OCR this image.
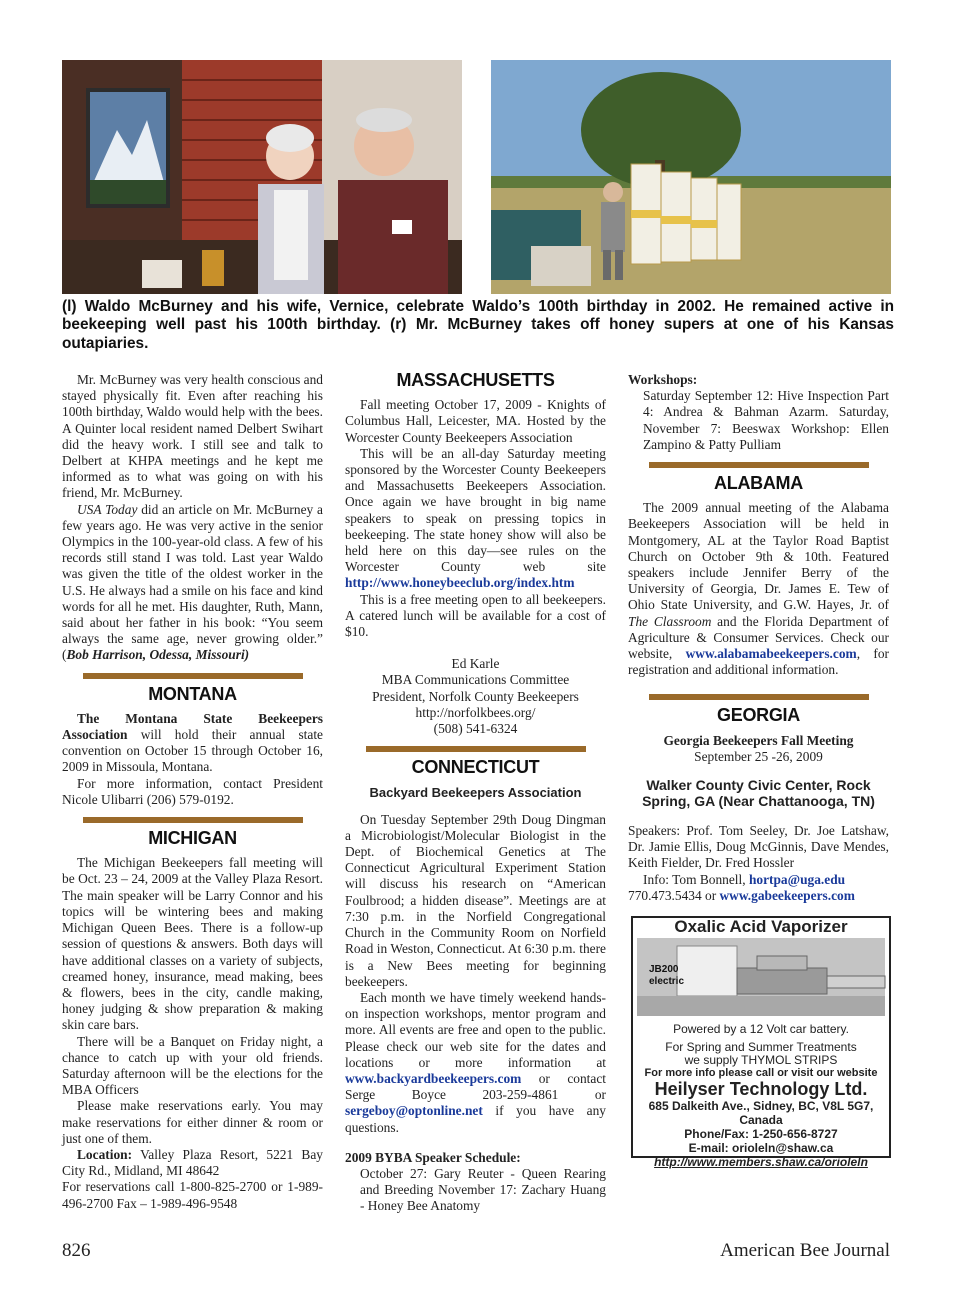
(l) Waldo McBurney and his wife, Vernice, celebrate Waldo’s 100th birthday in 2002. He remained active in beekeeping well past his 100th birthday. (r) Mr. McBurney takes off honey supers at one of his Kansas outapiaries.

Mr. McBurney was very health conscious and stayed physically fit. Even after reaching his 100th birthday, Waldo would help with the bees. A Quinter local resident named Delbert Swihart did the heavy work. I still see and talk to Delbert at KHPA meetings and he kept me informed as to what was going on with his friend, Mr. McBurney.

USA Today did an article on Mr. McBurney a few years ago. He was very active in the senior Olympics in the 100-year-old class. A few of his records still stand I was told. Last year Waldo was given the title of the oldest worker in the U.S. He always had a smile on his face and kind words for all he met. His daughter, Ruth, Mann, said about her father in his book: “You seem always the same age, never growing older.” (Bob Harrison, Odessa, Missouri)

MONTANA

The Montana State Beekeepers Association will hold their annual state convention on October 15 through October 16, 2009 in Missoula, Montana.

For more information, contact President Nicole Ulibarri (206) 579-0192.

MICHIGAN

The Michigan Beekeepers fall meeting will be Oct. 23 – 24, 2009 at the Valley Plaza Resort. The main speaker will be Larry Connor and his topics will be wintering bees and making Michigan Queen Bees. There is a follow-up session of questions & answers. Both days will have additional classes on a variety of subjects, creamed honey, insurance, mead making, bees & flowers, bees in the city, candle making, honey judging & show preparation & making skin care bars.

There will be a Banquet on Friday night, a chance to catch up with your old friends. Saturday afternoon will be the elections for the MBA Officers

Please make reservations early. You may make reservations for either dinner & room or just one of them.

Location: Valley Plaza Resort, 5221 Bay City Rd., Midland, MI 48642

For reservations call 1-800-825-2700 or 1-989-496-2700 Fax – 1-989-496-9548

MASSACHUSETTS

Fall meeting October 17, 2009 - Knights of Columbus Hall, Leicester, MA. Hosted by the Worcester County Beekeepers Association

This will be an all-day Saturday meeting sponsored by the Worcester County Beekeepers and Massachusetts Beekeepers Association. Once again we have brought in big name speakers to speak on pressing topics in beekeeping. The state honey show will also be held here on this day—see rules on the Worcester County web site http://www.honeybeeclub.org/index.htm

This is a free meeting open to all beekeepers. A catered lunch will be available for a cost of $10.

Ed Karle

MBA Communications Committee

President, Norfolk County Beekeepers

http://norfolkbees.org/

(508) 541-6324

CONNECTICUT
Backyard Beekeepers Association

On Tuesday September 29th Doug Dingman a Microbiologist/Molecular Biologist in the Dept. of Biochemical Genetics at The Connecticut Agricultural Experiment Station will discuss his research on “American Foulbrood; a hidden disease”. Meetings are at 7:30 p.m. in the Norfield Congregational Church in the Community Room on Norfield Road in Weston, Connecticut. At 6:30 p.m. there is a New Bees meeting for beginning beekeepers.

Each month we have timely weekend hands-on inspection workshops, mentor program and more. All events are free and open to the public. Please check our web site for the dates and locations or more information at www.backyardbeekeepers.com or contact Serge Boyce 203-259-4861 or sergeboy@optonline.net if you have any questions.

2009 BYBA Speaker Schedule:

October 27: Gary Reuter - Queen Rearing and Breeding November 17: Zachary Huang - Honey Bee Anatomy

Workshops:

Saturday September 12: Hive Inspection Part 4: Andrea & Bahman Azarm. Saturday, November 7: Beeswax Workshop: Ellen Zampino & Patty Pulliam

ALABAMA

The 2009 annual meeting of the Alabama Beekeepers Association will be held in Montgomery, AL at the Taylor Road Baptist Church on October 9th & 10th. Featured speakers include Jennifer Berry of the University of Georgia, Dr. James E. Tew of Ohio State University, and G.W. Hayes, Jr. of The Classroom and the Florida Department of Agriculture & Consumer Services. Check our website, www.alabamabeekeepers.com, for registration and additional information.

GEORGIA

Georgia Beekeepers Fall Meeting

September 25 -26, 2009

Walker County Civic Center, Rock Spring, GA (Near Chattanooga, TN)

Speakers: Prof. Tom Seeley, Dr. Joe Latshaw, Dr. Jamie Ellis, Doug McGinnis, Dave Mendes, Keith Fielder, Dr. Fred Hossler

Info: Tom Bonnell, hortpa@uga.edu

770.473.5434 or www.gabeekeepers.com

Oxalic Acid Vaporizer
JB200
electric
Powered by a 12 Volt car battery.
For Spring and Summer Treatments
we supply THYMOL STRIPS
For more info please call or visit our website
Heilyser Technology Ltd.
685 Dalkeith Ave., Sidney, BC, V8L 5G7,
Canada
Phone/Fax: 1-250-656-8727
E-mail: orioleln@shaw.ca
http://www.members.shaw.ca/orioleln
826	American Bee Journal
